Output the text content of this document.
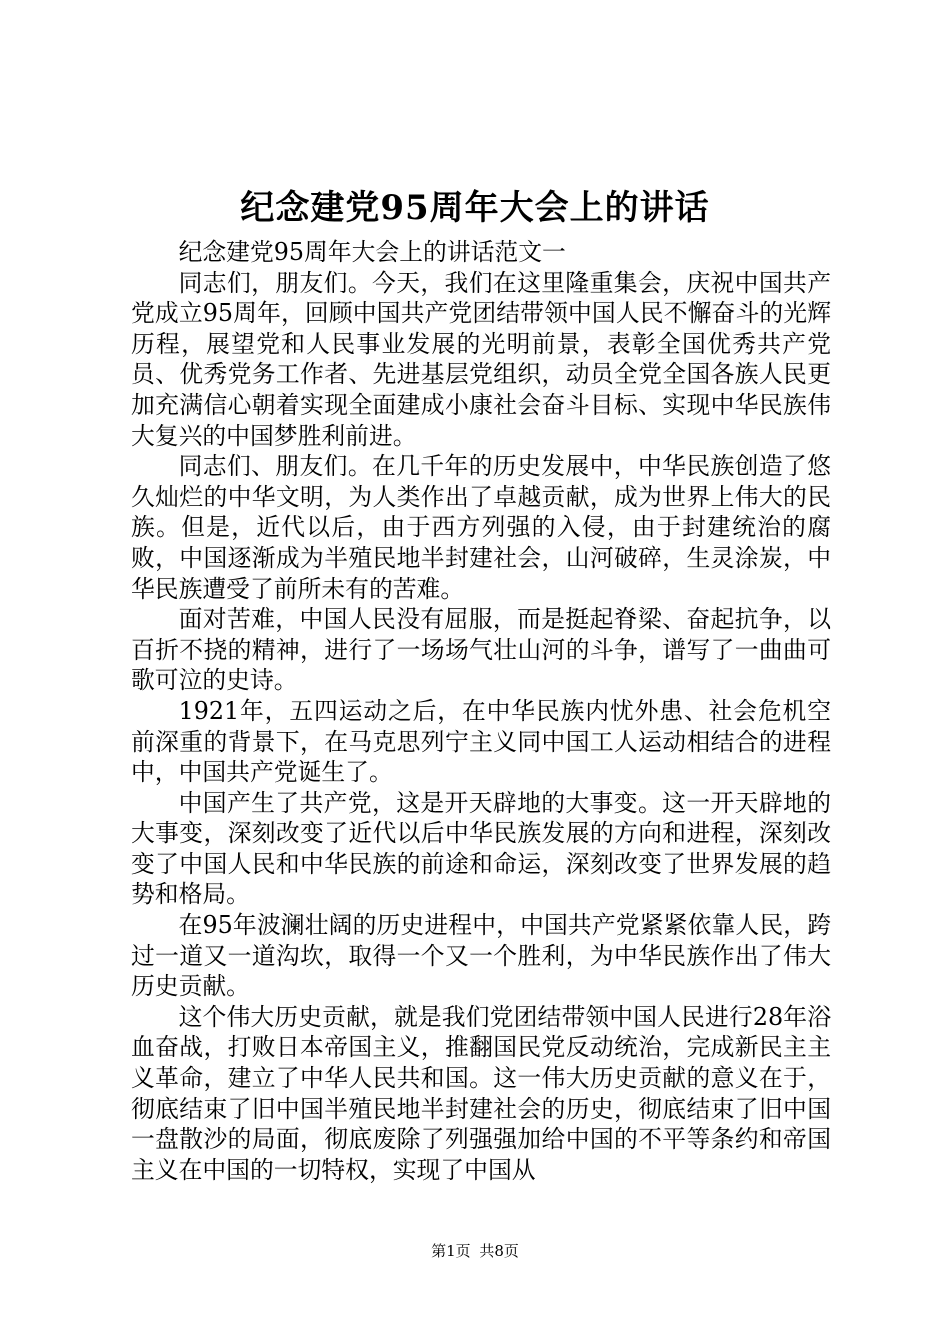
纪念建党95周年大会上的讲话

纪念建党95周年大会上的讲话范文一

同志们，朋友们。今天，我们在这里隆重集会，庆祝中国共产党成立95周年，回顾中国共产党团结带领中国人民不懈奋斗的光辉历程，展望党和人民事业发展的光明前景，表彰全国优秀共产党员、优秀党务工作者、先进基层党组织，动员全党全国各族人民更加充满信心朝着实现全面建成小康社会奋斗目标、实现中华民族伟大复兴的中国梦胜利前进。

同志们、朋友们。在几千年的历史发展中，中华民族创造了悠久灿烂的中华文明，为人类作出了卓越贡献，成为世界上伟大的民族。但是，近代以后，由于西方列强的入侵，由于封建统治的腐败，中国逐渐成为半殖民地半封建社会，山河破碎，生灵涂炭，中华民族遭受了前所未有的苦难。

面对苦难，中国人民没有屈服，而是挺起脊梁、奋起抗争，以百折不挠的精神，进行了一场场气壮山河的斗争，谱写了一曲曲可歌可泣的史诗。

1921年，五四运动之后，在中华民族内忧外患、社会危机空前深重的背景下，在马克思列宁主义同中国工人运动相结合的进程中，中国共产党诞生了。

中国产生了共产党，这是开天辟地的大事变。这一开天辟地的大事变，深刻改变了近代以后中华民族发展的方向和进程，深刻改变了中国人民和中华民族的前途和命运，深刻改变了世界发展的趋势和格局。

在95年波澜壮阔的历史进程中，中国共产党紧紧依靠人民，跨过一道又一道沟坎，取得一个又一个胜利，为中华民族作出了伟大历史贡献。

这个伟大历史贡献，就是我们党团结带领中国人民进行28年浴血奋战，打败日本帝国主义，推翻国民党反动统治，完成新民主主义革命，建立了中华人民共和国。这一伟大历史贡献的意义在于，彻底结束了旧中国半殖民地半封建社会的历史，彻底结束了旧中国一盘散沙的局面，彻底废除了列强强加给中国的不平等条约和帝国主义在中国的一切特权，实现了中国从

第1页 共8页
